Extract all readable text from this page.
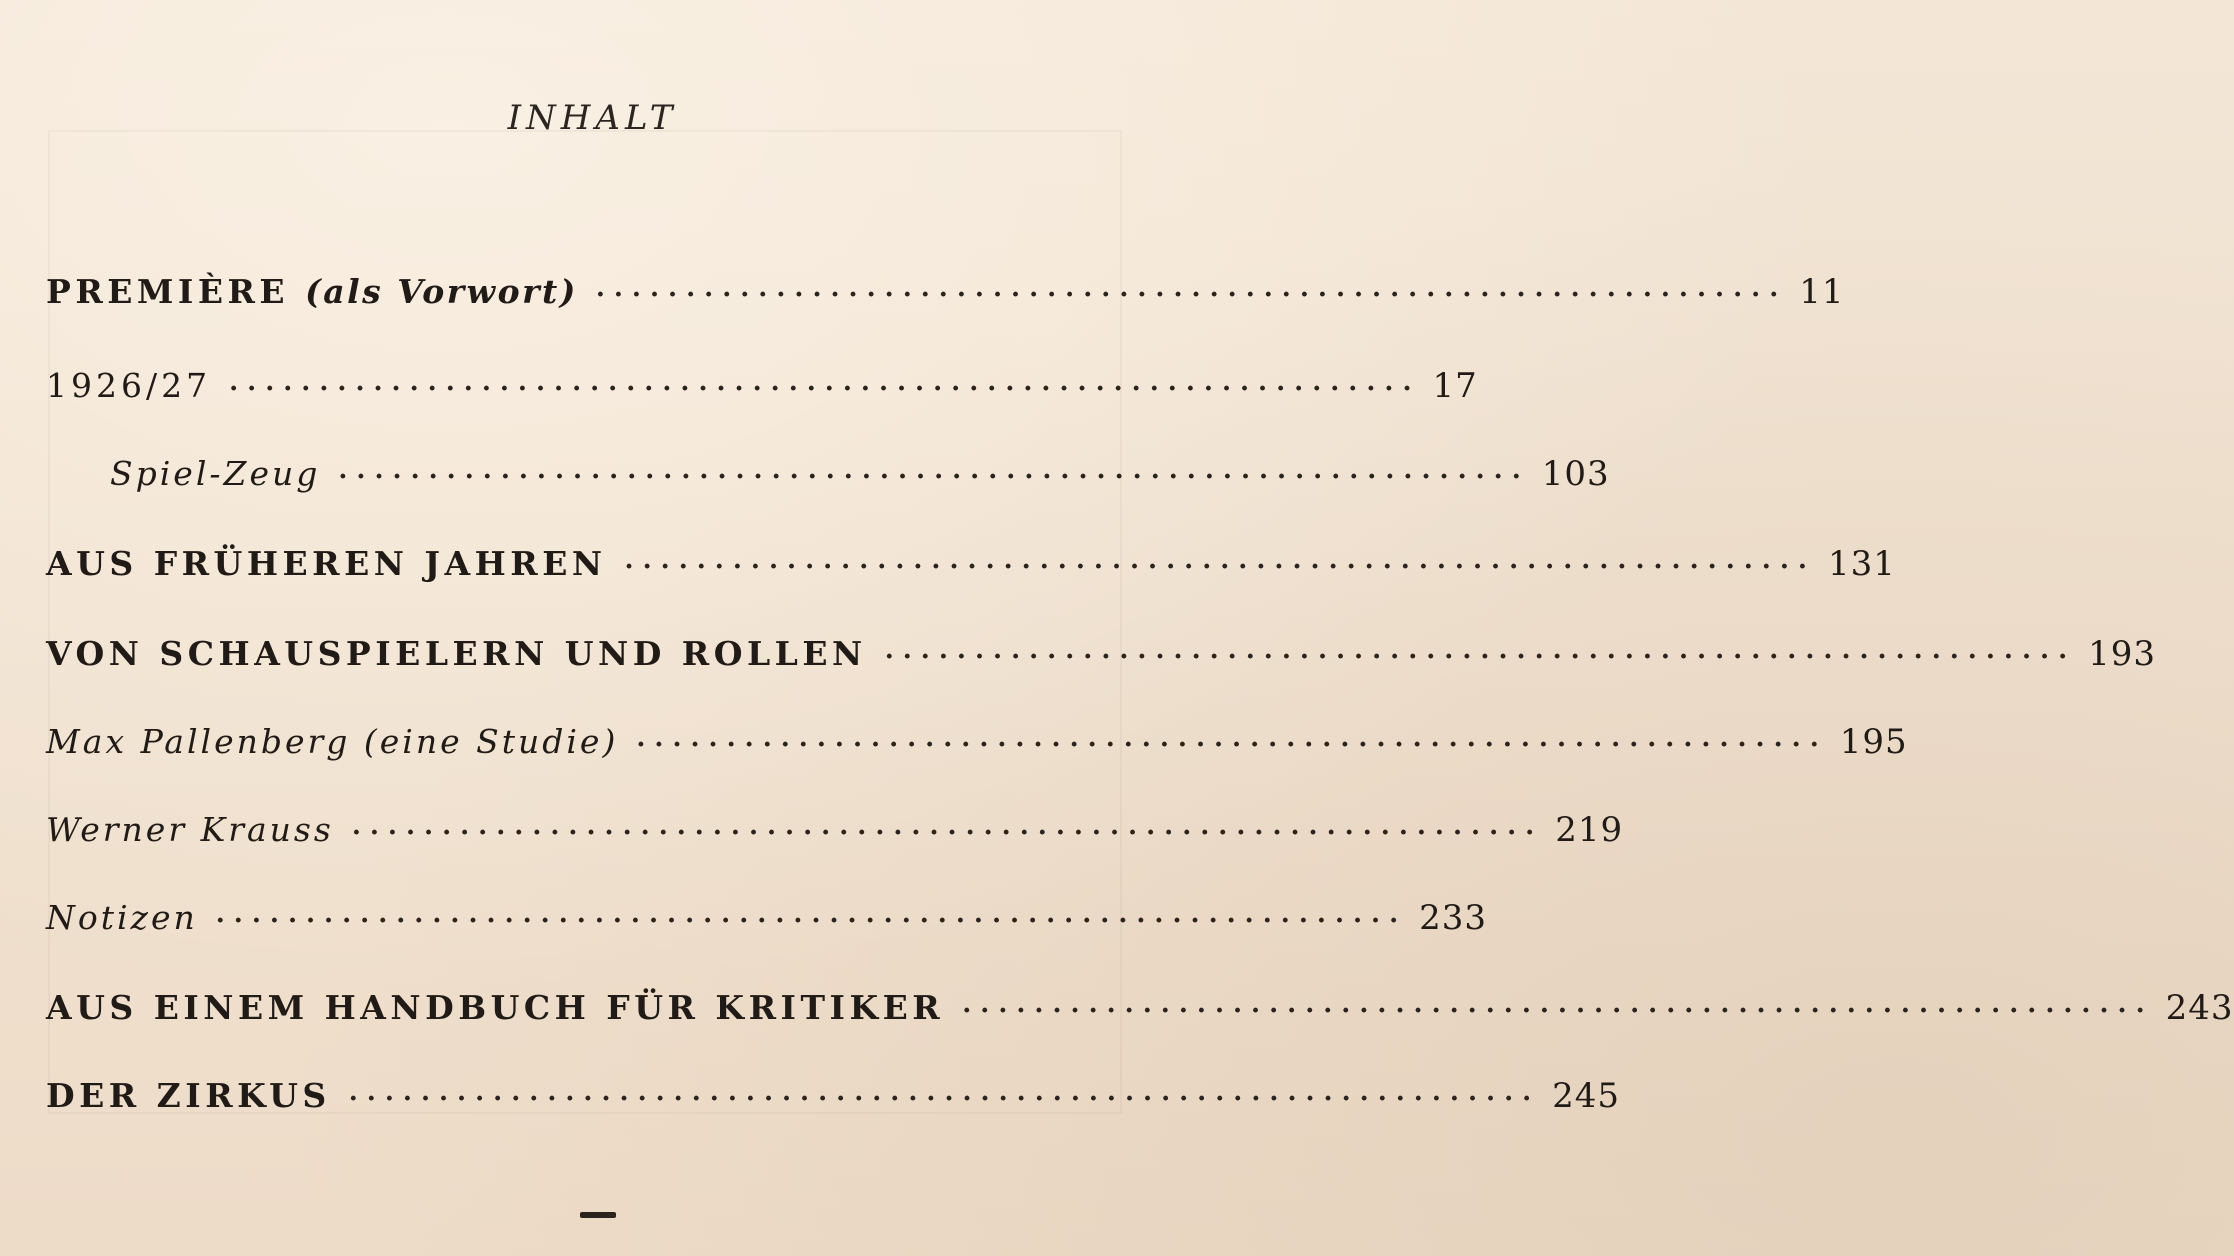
INHALT
PREMIÈRE (als Vorwort) ·································································· 11
1926/27 ·································································· 17
Spiel-Zeug ·································································· 103
AUS FRÜHEREN JAHREN ·································································· 131
VON SCHAUSPIELERN UND ROLLEN ·································································· 193
Max Pallenberg (eine Studie) ·································································· 195
Werner Krauss ·································································· 219
Notizen ·································································· 233
AUS EINEM HANDBUCH FÜR KRITIKER ·································································· 243
DER ZIRKUS ·································································· 245
